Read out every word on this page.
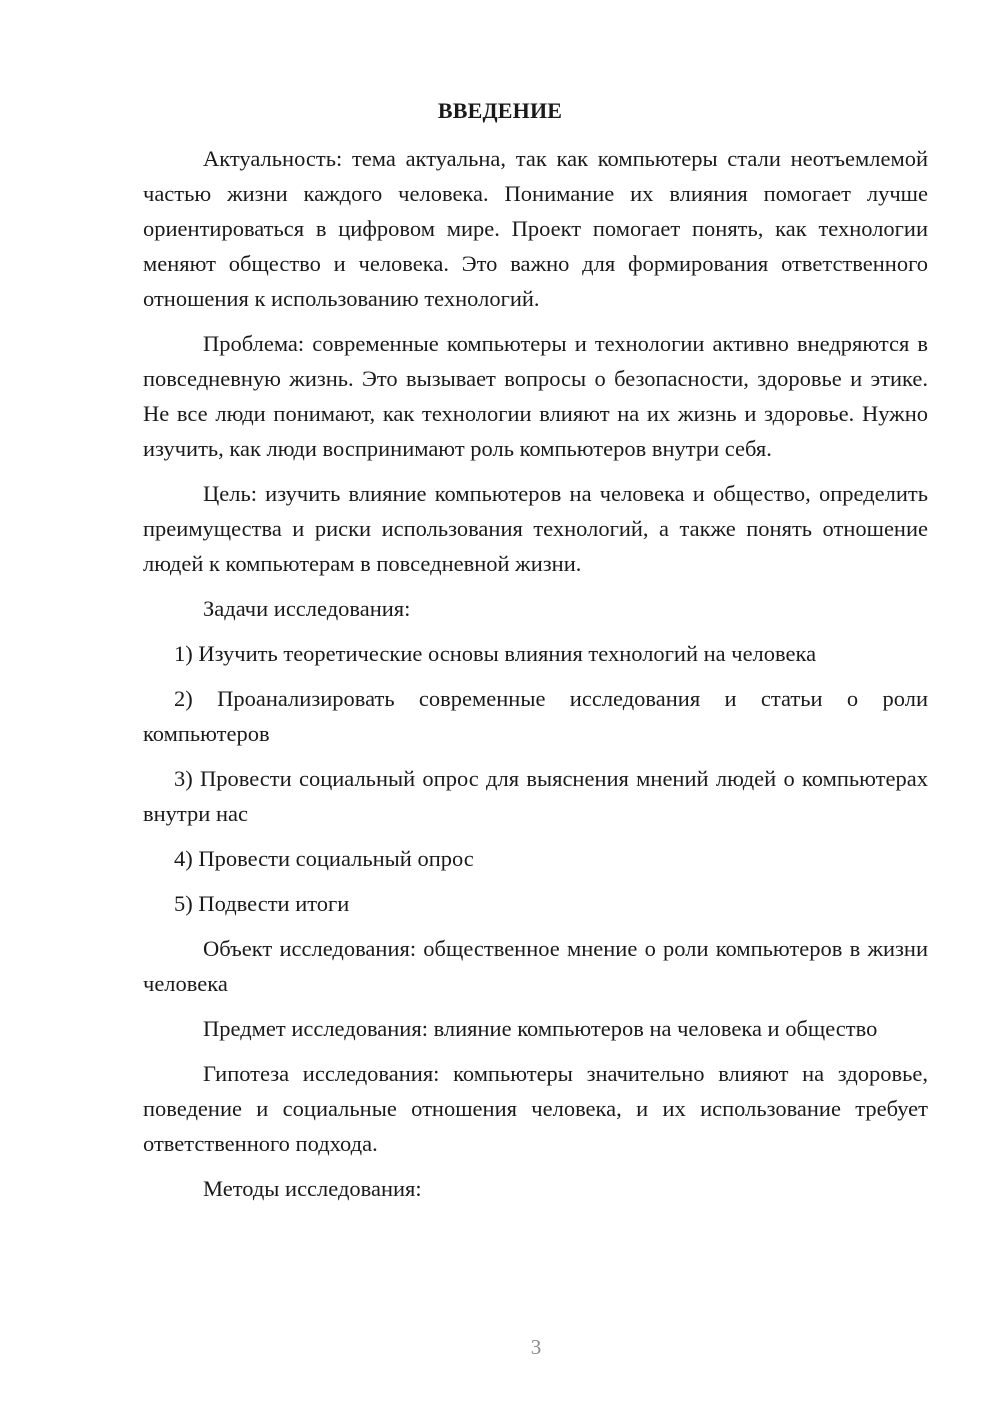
ВВЕДЕНИЕ

Актуальность: тема актуальна, так как компьютеры стали неотъемлемой частью жизни каждого человека. Понимание их влияния помогает лучше ориентироваться в цифровом мире. Проект помогает понять, как технологии меняют общество и человека. Это важно для формирования ответственного отношения к использованию технологий.

Проблема: современные компьютеры и технологии активно внедряются в повседневную жизнь. Это вызывает вопросы о безопасности, здоровье и этике. Не все люди понимают, как технологии влияют на их жизнь и здоровье. Нужно изучить, как люди воспринимают роль компьютеров внутри себя.

Цель: изучить влияние компьютеров на человека и общество, определить преимущества и риски использования технологий, а также понять отношение людей к компьютерам в повседневной жизни.

Задачи исследования:

1) Изучить теоретические основы влияния технологий на человека

2) Проанализировать современные исследования и статьи о роли компьютеров

3) Провести социальный опрос для выяснения мнений людей о компьютерах внутри нас

4) Провести социальный опрос

5) Подвести итоги

Объект исследования: общественное мнение о роли компьютеров в жизни человека

Предмет исследования: влияние компьютеров на человека и общество

Гипотеза исследования: компьютеры значительно влияют на здоровье, поведение и социальные отношения человека, и их использование требует ответственного подхода.

Методы исследования:

3
